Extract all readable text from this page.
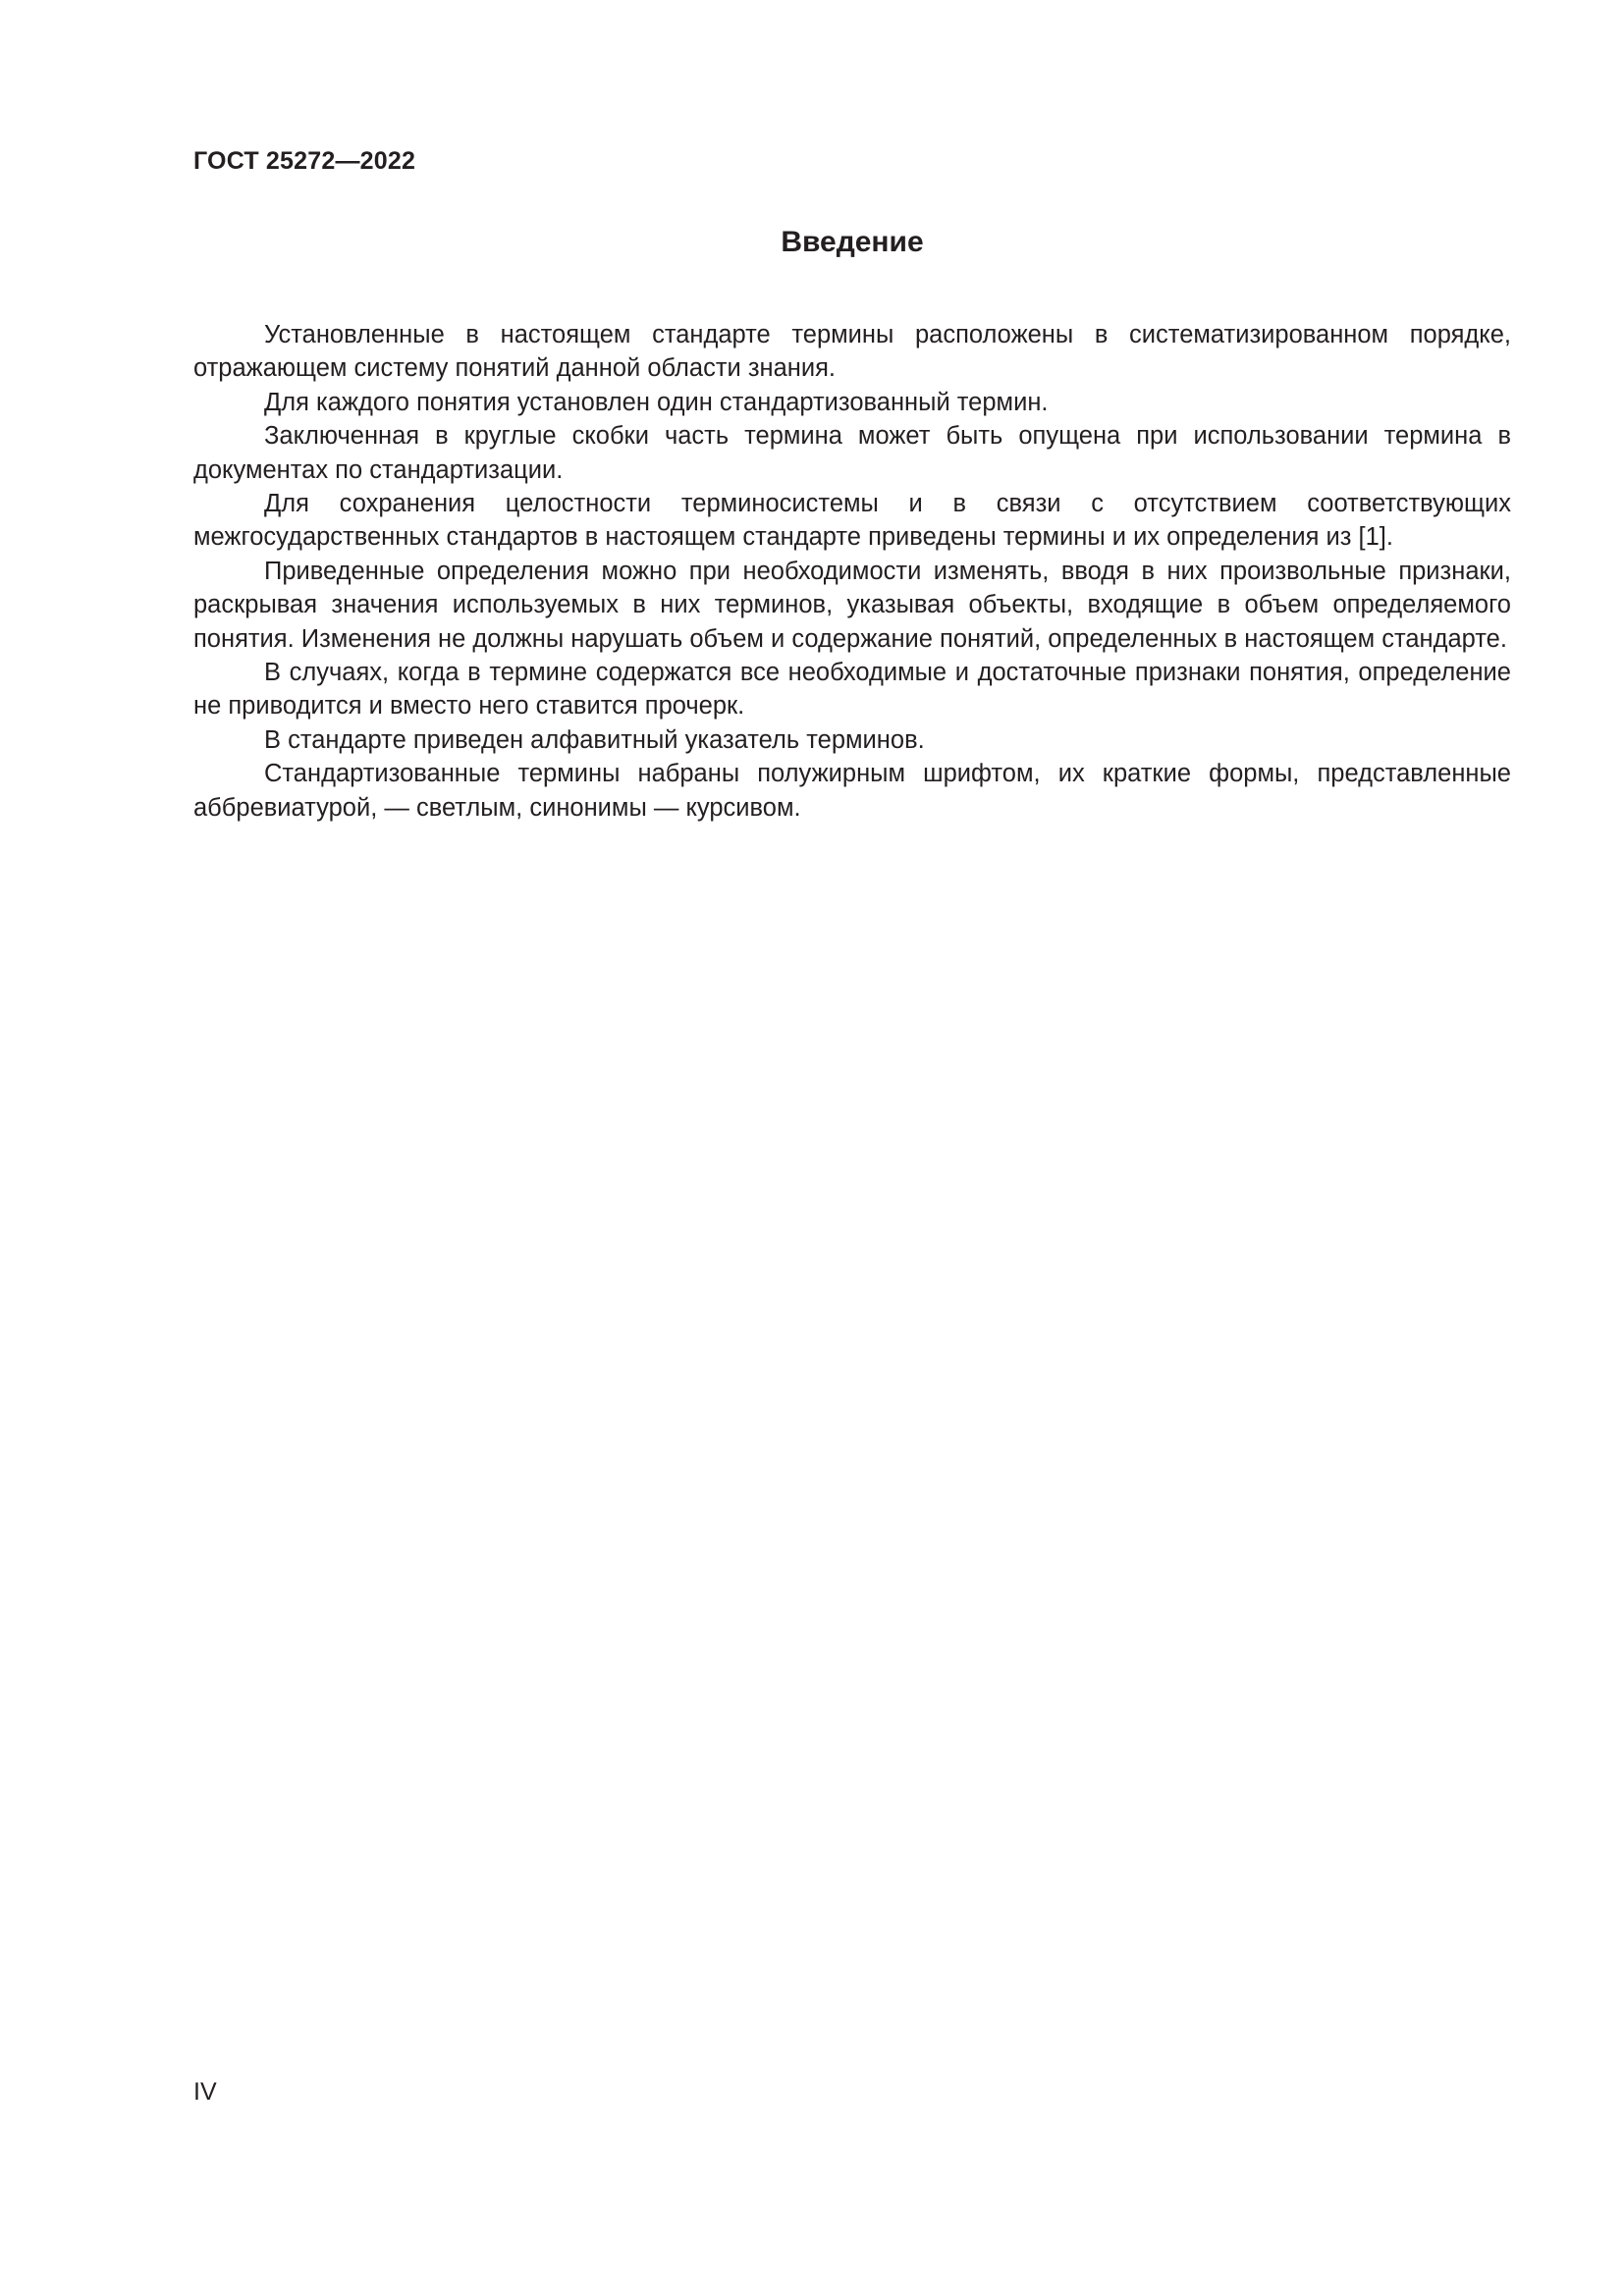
ГОСТ 25272—2022
Введение

Установленные в настоящем стандарте термины расположены в систематизированном порядке, отражающем систему понятий данной области знания.

Для каждого понятия установлен один стандартизованный термин.

Заключенная в круглые скобки часть термина может быть опущена при использовании термина в документах по стандартизации.

Для сохранения целостности терминосистемы и в связи с отсутствием соответствующих межгосударственных стандартов в настоящем стандарте приведены термины и их определения из [1].

Приведенные определения можно при необходимости изменять, вводя в них произвольные признаки, раскрывая значения используемых в них терминов, указывая объекты, входящие в объем определяемого понятия. Изменения не должны нарушать объем и содержание понятий, определенных в настоящем стандарте.

В случаях, когда в термине содержатся все необходимые и достаточные признаки понятия, определение не приводится и вместо него ставится прочерк.

В стандарте приведен алфавитный указатель терминов.

Стандартизованные термины набраны полужирным шрифтом, их краткие формы, представленные аббревиатурой, — светлым, синонимы — курсивом.

IV
